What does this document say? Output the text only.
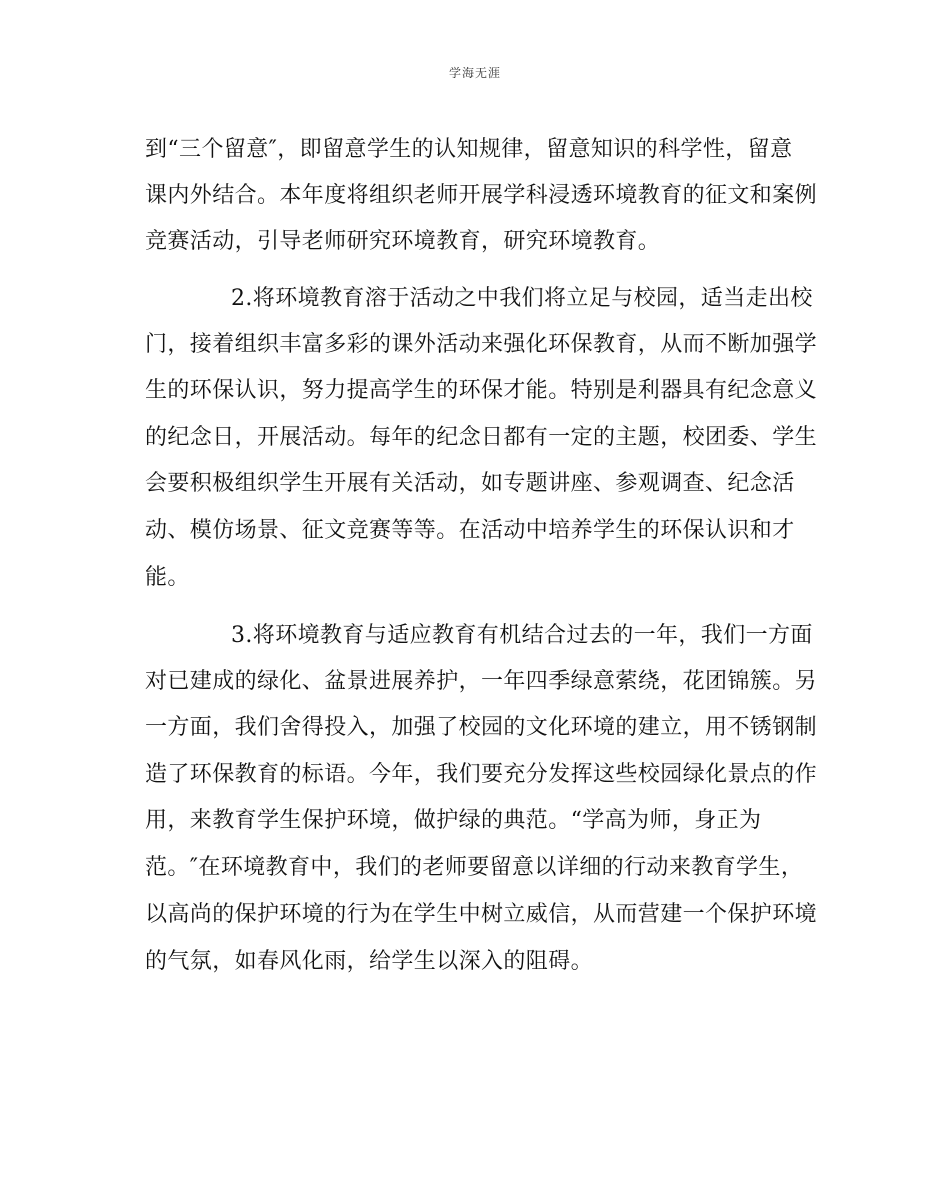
学海无涯
到“三个留意″，即留意学生的认知规律，留意知识的科学性，留意
课内外结合。本年度将组织老师开展学科浸透环境教育的征文和案例
竞赛活动，引导老师研究环境教育，研究环境教育。
2.将环境教育溶于活动之中我们将立足与校园，适当走出校
门，接着组织丰富多彩的课外活动来强化环保教育，从而不断加强学
生的环保认识，努力提高学生的环保才能。特别是利器具有纪念意义
的纪念日，开展活动。每年的纪念日都有一定的主题，校团委、学生
会要积极组织学生开展有关活动，如专题讲座、参观调查、纪念活
动、模仿场景、征文竞赛等等。在活动中培养学生的环保认识和才
能。
3.将环境教育与适应教育有机结合过去的一年，我们一方面
对已建成的绿化、盆景进展养护，一年四季绿意萦绕，花团锦簇。另
一方面，我们舍得投入，加强了校园的文化环境的建立，用不锈钢制
造了环保教育的标语。今年，我们要充分发挥这些校园绿化景点的作
用，来教育学生保护环境，做护绿的典范。“学高为师，身正为
范。″在环境教育中，我们的老师要留意以详细的行动来教育学生，
以高尚的保护环境的行为在学生中树立威信，从而营建一个保护环境
的气氛，如春风化雨，给学生以深入的阻碍。
